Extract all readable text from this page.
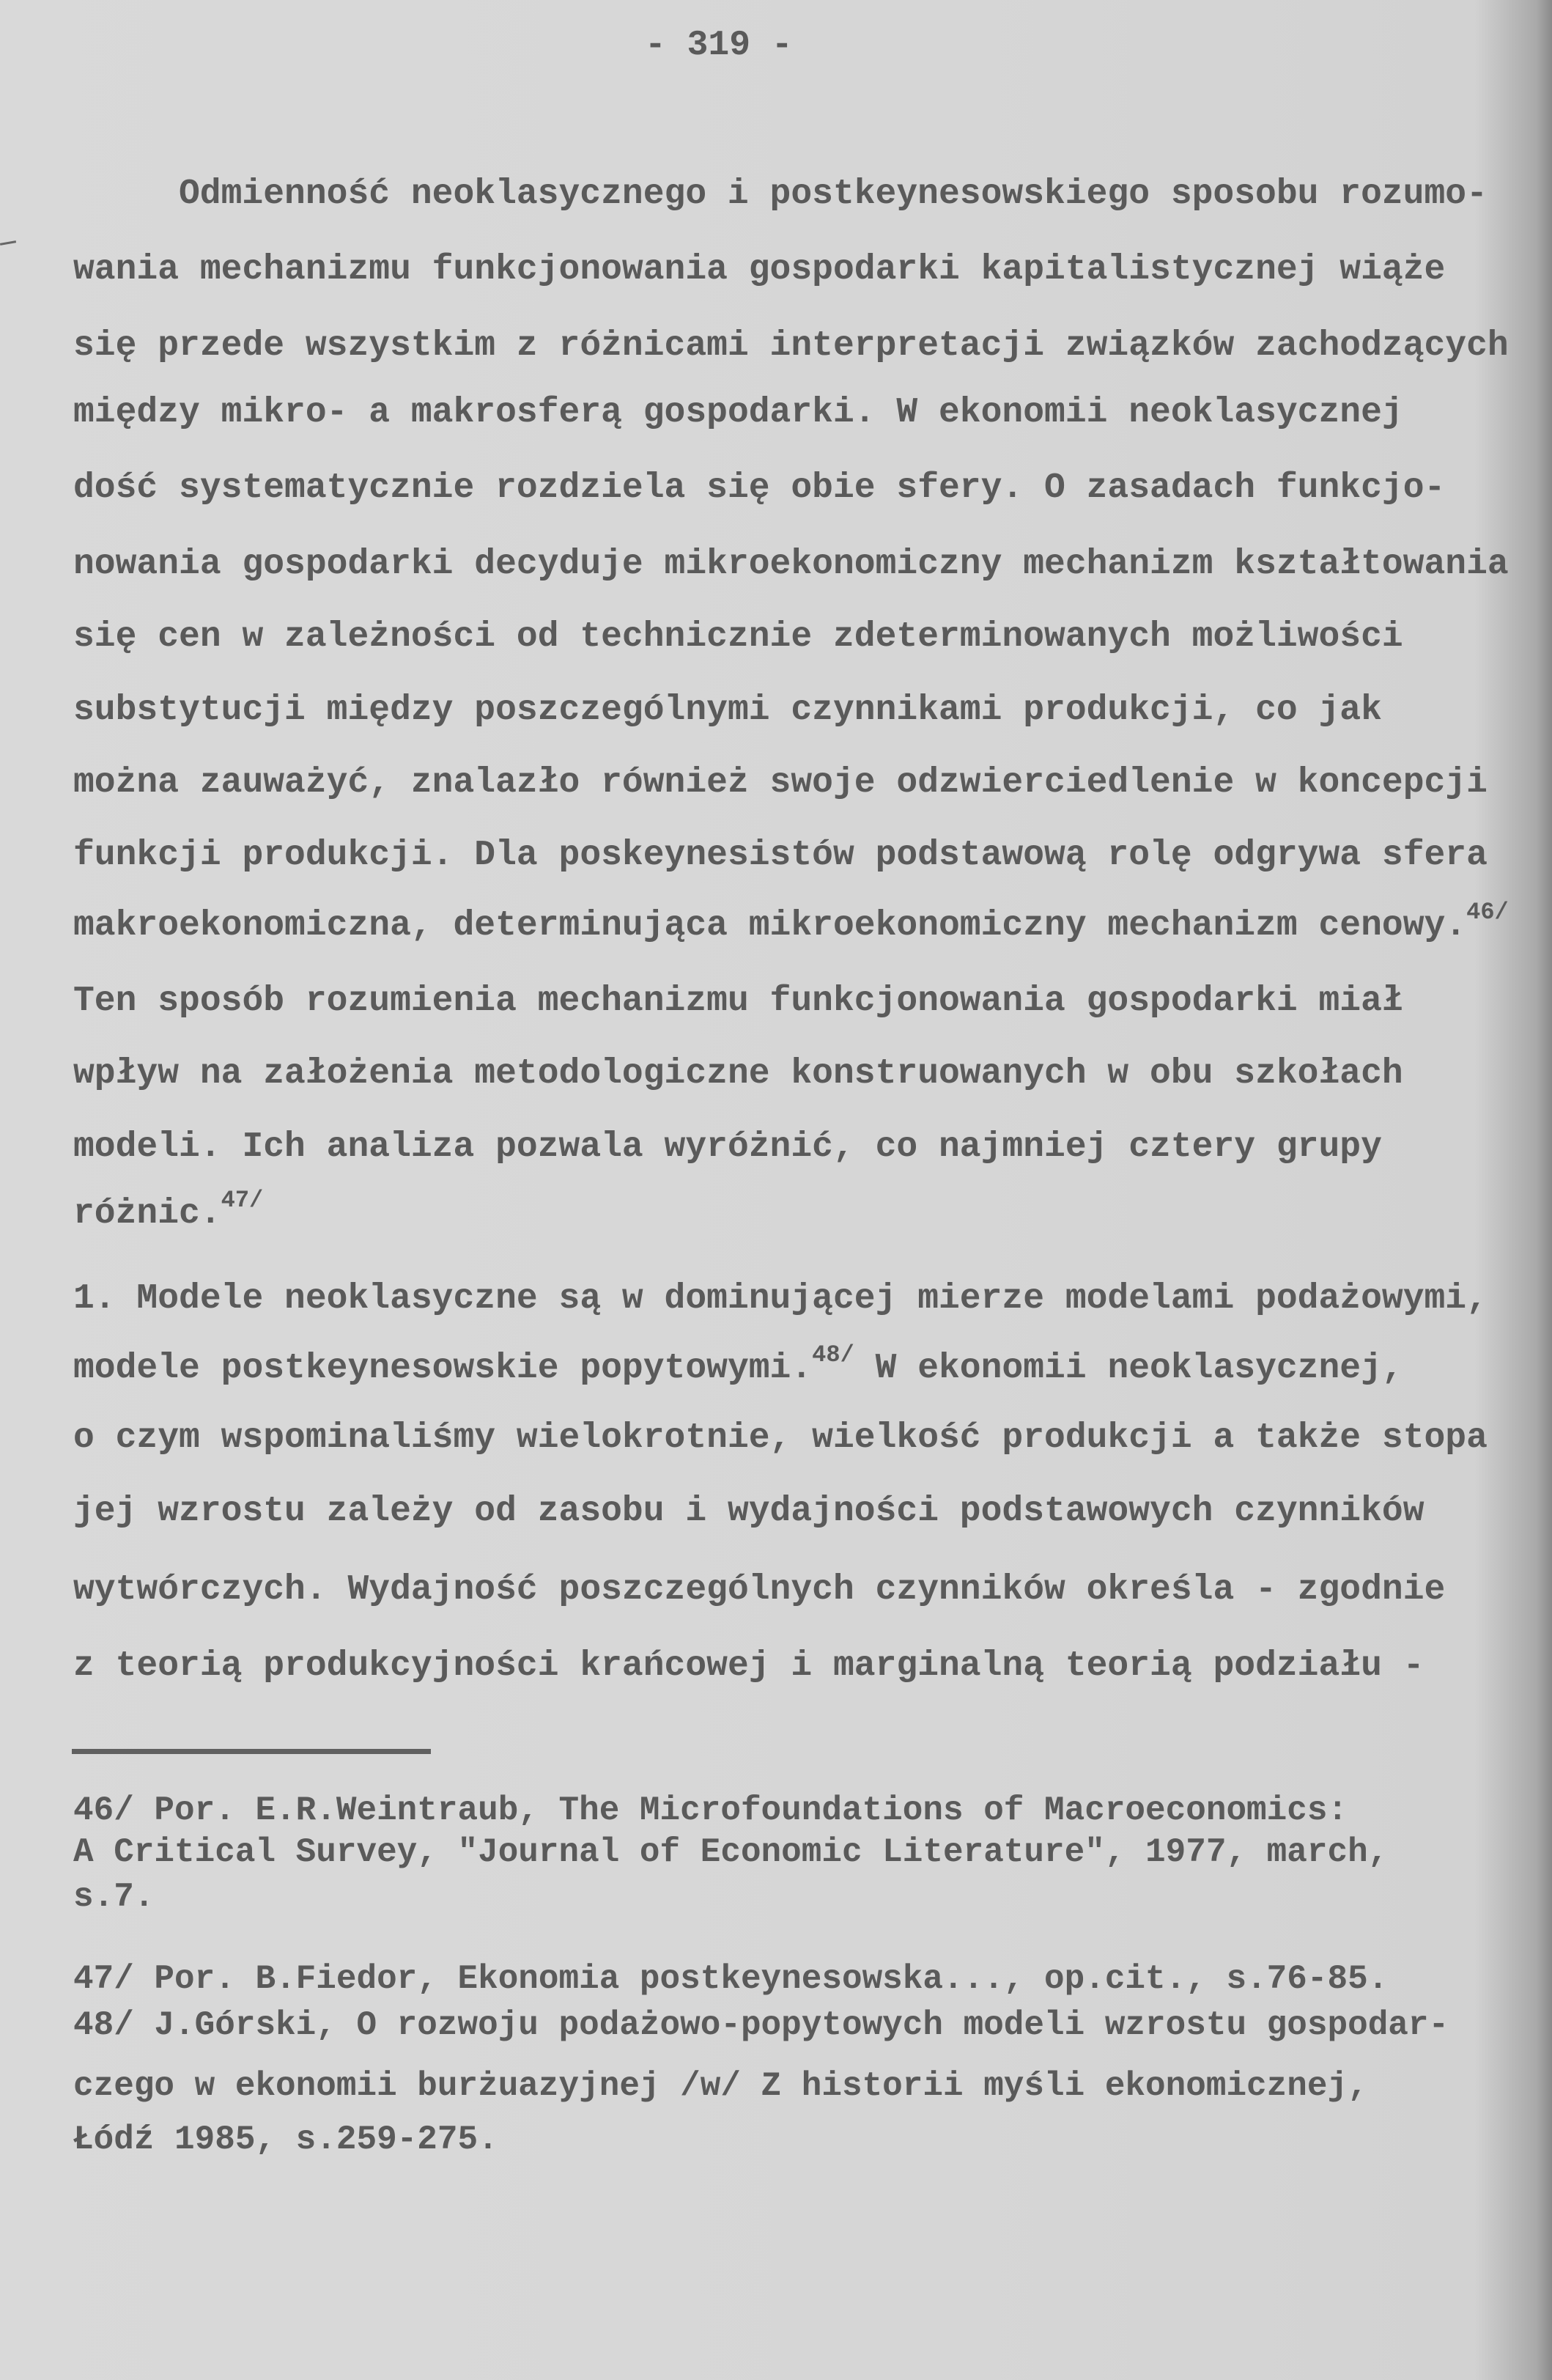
- 319 -
Odmienność neoklasycznego i postkeynesowskiego sposobu rozumo-
wania mechanizmu funkcjonowania gospodarki kapitalistycznej wiąże
się przede wszystkim z różnicami interpretacji związków zachodzących
między mikro- a makrosferą gospodarki. W ekonomii neoklasycznej
dość systematycznie rozdziela się obie sfery. O zasadach funkcjo-
nowania gospodarki decyduje mikroekonomiczny mechanizm kształtowania
się cen w zależności od technicznie zdeterminowanych możliwości
substytucji między poszczególnymi czynnikami produkcji, co jak
można zauważyć, znalazło również swoje odzwierciedlenie w koncepcji
funkcji produkcji. Dla poskeynesistów podstawową rolę odgrywa sfera
makroekonomiczna, determinująca mikroekonomiczny mechanizm cenowy.$^{46/}$
Ten sposób rozumienia mechanizmu funkcjonowania gospodarki miał
wpływ na założenia metodologiczne konstruowanych w obu szkołach
modeli. Ich analiza pozwala wyróżnić, co najmniej cztery grupy
różnic.$^{47/}$
1. Modele neoklasyczne są w dominującej mierze modelami podażowymi,
modele postkeynesowskie popytowymi.$^{48/}$ W ekonomii neoklasycznej,
o czym wspominaliśmy wielokrotnie, wielkość produkcji a także stopa
jej wzrostu zależy od zasobu i wydajności podstawowych czynników
wytwórczych. Wydajność poszczególnych czynników określa - zgodnie
z teorią produkcyjności krańcowej i marginalną teorią podziału -
46/ Por. E.R.Weintraub, The Microfoundations of Macroeconomics:
A Critical Survey, "Journal of Economic Literature", 1977, march,
s.7.
47/ Por. B.Fiedor, Ekonomia postkeynesowska..., op.cit., s.76-85.
48/ J.Górski, O rozwoju podażowo-popytowych modeli wzrostu gospodar-
czego w ekonomii burżuazyjnej /w/ Z historii myśli ekonomicznej,
Łódź 1985, s.259-275.
